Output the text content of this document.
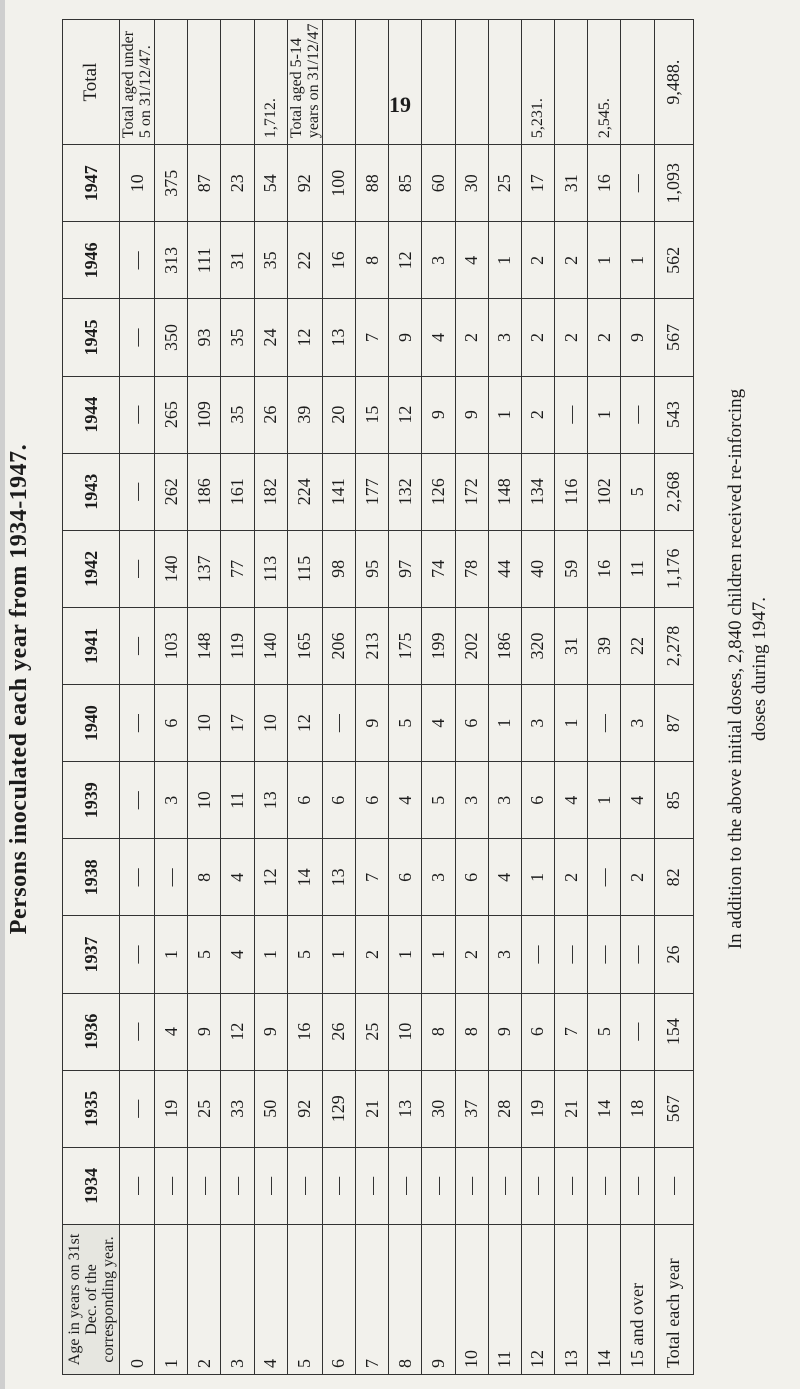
19
Persons inoculated each year from 1934-1947.
Age in years on 31st Dec. of the corresponding year.	1934	1935	1936	1937	1938	1939	1940	1941	1942	1943	1944	1945	1946	1947	Total
0	—	—	—	—	—	—	—	—	—	—	—	—	—	10	Total aged under 5 on 31/12/47.
1	—	19	4	1	—	3	6	103	140	262	265	350	313	375	
2	—	25	9	5	8	10	10	148	137	186	109	93	111	87	
3	—	33	12	4	4	11	17	119	77	161	35	35	31	23	
4	—	50	9	1	12	13	10	140	113	182	26	24	35	54	1,712.
5	—	92	16	5	14	6	12	165	115	224	39	12	22	92	Total aged 5-14 years on 31/12/47
6	—	129	26	1	13	6	—	206	98	141	20	13	16	100	
7	—	21	25	2	7	6	9	213	95	177	15	7	8	88	
8	—	13	10	1	6	4	5	175	97	132	12	9	12	85	
9	—	30	8	1	3	5	4	199	74	126	9	4	3	60	
10	—	37	8	2	6	3	6	202	78	172	9	2	4	30	
11	—	28	9	3	4	3	1	186	44	148	1	3	1	25	
12	—	19	6	—	1	6	3	320	40	134	2	2	2	17	5,231.
13	—	21	7	—	2	4	1	31	59	116	—	2	2	31	
14	—	14	5	—	—	1	—	39	16	102	1	2	1	16	2,545.
15 and over	—	18	—	—	2	4	3	22	11	5	—	9	1	—	
Total each year	—	567	154	26	82	85	87	2,278	1,176	2,268	543	567	562	1,093	9,488.
In addition to the above initial doses, 2,840 children received re-inforcing doses during 1947.
